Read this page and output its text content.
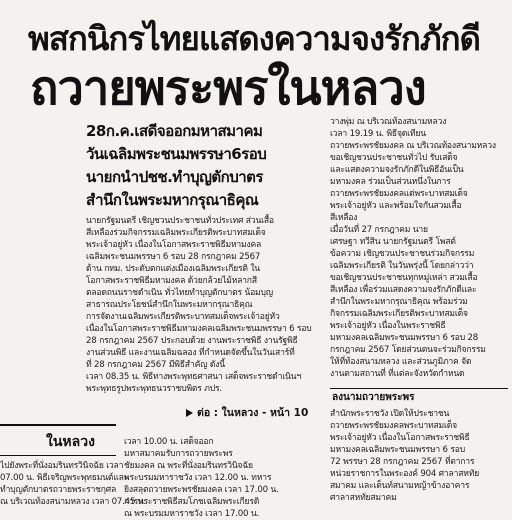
พสกนิกรไทยแสดงความจงรักภักดี
ถวายพระพรในหลวง
28ก.ค.เสดีจออกมหาสมาคม
วันเฉลิมพระชนมพรรษา6รอบ
นายกนำปชช.ทำบุญตักบาตร
สำนึกในพระมหากรุณาธิคุณ
นายกรัฐมนตรี เชิญชวนประชาชนทั่วประเทศ ส่วนเสื้อ
สีเหลืองร่วมกิจกรรมเฉลิมพระเกียรติพระบาทสมเด็จ
พระเจ้าอยู่หัว เนื่องในโอกาสพระราชพิธีมหามงคล
เฉลิมพระชนมพรรษา 6 รอบ 28 กรกฎาคม 2567
ด้าน กทม. ประดับตกแต่งเมืองเฉลิมพระเกียรติ ใน
โอกาสพระราชพิธีมหามงคล ด้วยกล้วยไม้หลากสี
ตลอดถนนราชดำเนิน ทั่วไทยทำบุญตักบาตร น้อมบุญ
สาธารณประโยชน์สำนึกในพระมหากรุณาธิคุณ
การจัดงานเฉลิมพระเกียรติพระบาทสมเด็จพระเจ้าอยู่หัว
เนื่องในโอกาสพระราชพิธีมหามงคลเฉลิมพระชนมพรรษา 6 รอบ
28 กรกฎาคม 2567 ประกอบด้วย งานพระราชพิธี งานรัฐพิธี
งานส่วนพิธี และงานเฉลิมฉลอง ที่กำหนดจัดขึ้นในวันเสาร์ที่
ที่ 28 กรกฎาคม 2567 มีพิธีสำคัญ ดังนี้
เวลา 08.35 น. พิธีทางพระพุทธศาสนา เสด็จพระราชดำเนินฯ
พระพุทธรูปพระพุทธนวราชบพิตร ภปร.
ต่อ : ในหลวง - หน้า 10
วางพุ่ม ณ บริเวณท้องสนามหลวง
เวลา 19.19 น. พิธีจุดเทียน
ถวายพระพรชัยมงคล ณ บริเวณท้องสนามหลวง
ขอเชิญชวนประชาชนทั่วไป รับเสด็จ
และแสดงความจงรักภักดีในพิธีอันเป็น
มหามงคล ร่วมเป็นส่วนหนึ่งในการ
ถวายพระพรชัยมงคลแด่พระบาทสมเด็จ
พระเจ้าอยู่หัว และพร้อมใจกันสวมเสื้อ
สีเหลือง
เมื่อวันที่ 27 กรกฎาคม นาย
เศรษฐา ทวีสิน นายกรัฐมนตรี โพสต์
ข้อความ เชิญชวนประชาชนร่วมกิจกรรม
เฉลิมพระเกียรติ ในวันพรุ่งนี้ โดยกล่าวว่า
ขอเชิญชวนประชาชนทุกหมู่เหล่า สวมเสื้อ
สีเหลือง เพื่อร่วมแสดงความจงรักภักดีและ
สำนึกในพระมหากรุณาธิคุณ พร้อมร่วม
กิจกรรมเฉลิมพระเกียรติพระบาทสมเด็จ
พระเจ้าอยู่หัว เนื่องในพระราชพิธี
มหามงคลเฉลิมพระชนมพรรษา 6 รอบ 28
กรกฎาคม 2567 โดยส่วนตนจะร่วมกิจกรรม
ให้ที่ท้องสนามหลวง และส่วนภูมิภาค จัด
งานตามสถานที่ ที่แต่ละจังหวัดกำหนด
ลงนามถวายพระพร
สำนักพระราชวัง เปิดให้ประชาชน
ถวายพระพรชัยมงคลพระบาทสมเด็จ
พระเจ้าอยู่หัว เนื่องในโอกาสพระราชพิธี
มหามงคลเฉลิมพระชนมพรรษา 6 รอบ
72 พรรษา 28 กรกฎาคม 2567 ที่ตาการ
หน่วยราชการในพระองค์ 904 ศาลาสหทัย
สมาคม และเต็นท์สนามหญ้าข้างอาคาร
ศาลาสหทัยสมาคม
ในหลวง
ไปยังพระที่นั่งอมรินทรวินิจฉัย เวลา
07.00 น. พิธีเจริญพระพุทธมนต์และ
ทำบุญตักบาตรถวายพระราชกุศล
ณ บริเวณท้องสนามหลวง เวลา 07.45 น.
เวลา 10.00 น. เสด็จออก
มหาสมาคมรับการถวายพระพร
ชัยมงคล ณ พระที่นั่งอมรินทรวินิจฉัย
พระบรมมหาราชวัง เวลา 12.00 น. ทหาร
ยิงสลุตถวายพระพรชัยมงคล เวลา 17.00 น.
การพระราชพิธีสมโภชเฉลิมพระเกียรติ
ณ พระบรมมหาราชวัง เวลา 17.00 น.
